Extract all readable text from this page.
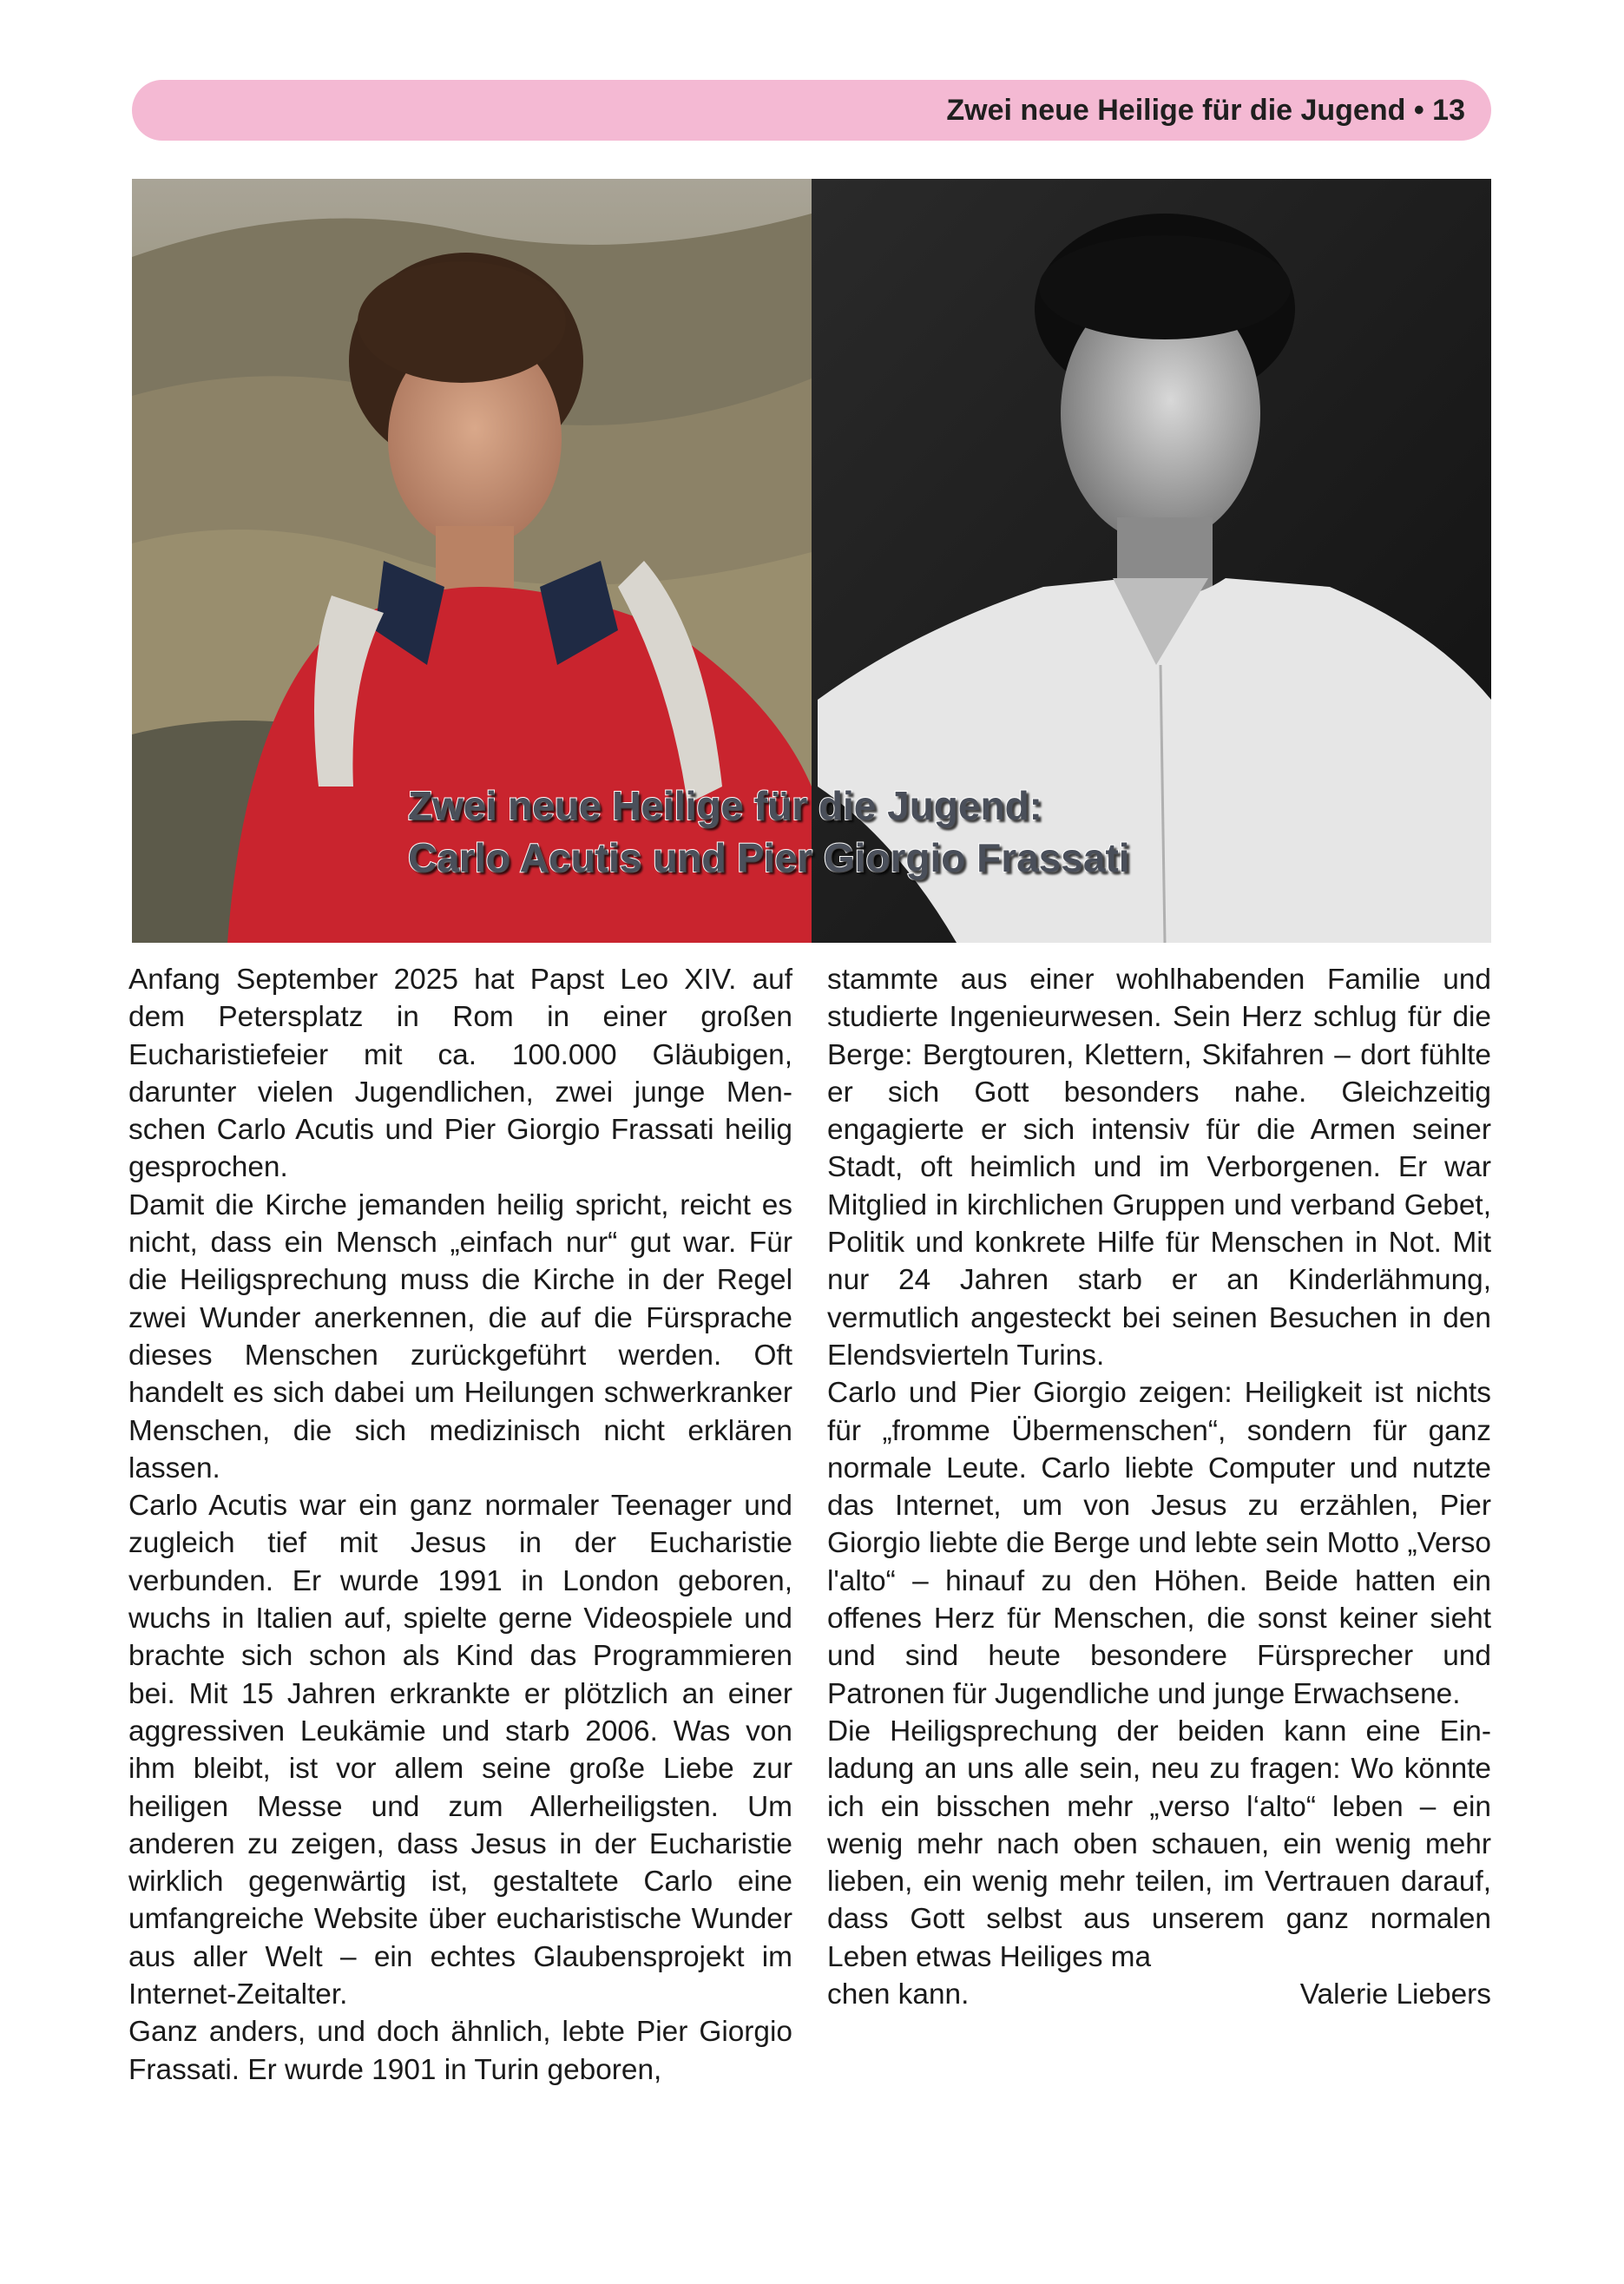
Zwei neue Heilige für die Jugend • 13
Zwei neue Heilige für die Jugend:
Carlo Acutis und Pier Giorgio Frassati

Anfang September 2025 hat Papst Leo XIV. auf dem Petersplatz in Rom in einer großen Eucharistiefeier mit ca. 100.000 Gläubigen, darunter vielen Jugendlichen, zwei junge Menschen Carlo Acutis und Pier Giorgio Frassati heilig gesprochen.

Damit die Kirche jemanden heilig spricht, reicht es nicht, dass ein Mensch „einfach nur“ gut war. Für die Heiligsprechung muss die Kirche in der Regel zwei Wunder anerkennen, die auf die Fürsprache dieses Menschen zurückgeführt werden. Oft handelt es sich dabei um Heilungen schwerkranker Menschen, die sich medizinisch nicht erklären lassen.

Carlo Acutis war ein ganz normaler Teenager und zugleich tief mit Jesus in der Eucharistie verbunden. Er wurde 1991 in London geboren, wuchs in Italien auf, spielte gerne Videospiele und brachte sich schon als Kind das Programmieren bei. Mit 15 Jahren erkrankte er plötzlich an einer aggressiven Leukämie und starb 2006. Was von ihm bleibt, ist vor allem seine große Liebe zur heiligen Messe und zum Allerheiligsten. Um anderen zu zeigen, dass Jesus in der Eucharistie wirklich gegenwärtig ist, gestaltete Carlo eine umfangreiche Website über eucharistische Wunder aus aller Welt – ein echtes Glaubensprojekt im Internet-Zeitalter.

Ganz anders, und doch ähnlich, lebte Pier Giorgio Frassati. Er wurde 1901 in Turin geboren,

stammte aus einer wohlhabenden Familie und studierte Ingenieurwesen. Sein Herz schlug für die Berge: Bergtouren, Klettern, Skifahren – dort fühlte er sich Gott besonders nahe. Gleichzeitig engagierte er sich intensiv für die Armen seiner Stadt, oft heimlich und im Verborgenen. Er war Mitglied in kirchlichen Gruppen und verband Gebet, Politik und konkrete Hilfe für Menschen in Not. Mit nur 24 Jahren starb er an Kinderlähmung, vermutlich angesteckt bei seinen Besuchen in den Elendsvierteln Turins.

Carlo und Pier Giorgio zeigen: Heiligkeit ist nichts für „fromme Übermenschen“, sondern für ganz normale Leute. Carlo liebte Computer und nutzte das Internet, um von Jesus zu erzählen, Pier Giorgio liebte die Berge und lebte sein Motto „Verso l'alto“ – hinauf zu den Höhen. Beide hatten ein offenes Herz für Menschen, die sonst keiner sieht und sind heute besondere Fürsprecher und Patronen für Jugendliche und junge Erwachsene.

Die Heiligsprechung der beiden kann eine Einladung an uns alle sein, neu zu fragen: Wo könnte ich ein bisschen mehr „verso l‘alto“ leben – ein wenig mehr nach oben schauen, ein wenig mehr lieben, ein wenig mehr teilen, im Vertrauen darauf, dass Gott selbst aus unserem ganz normalen Leben etwas Heiliges ma

chen kann.	Valerie Liebers
